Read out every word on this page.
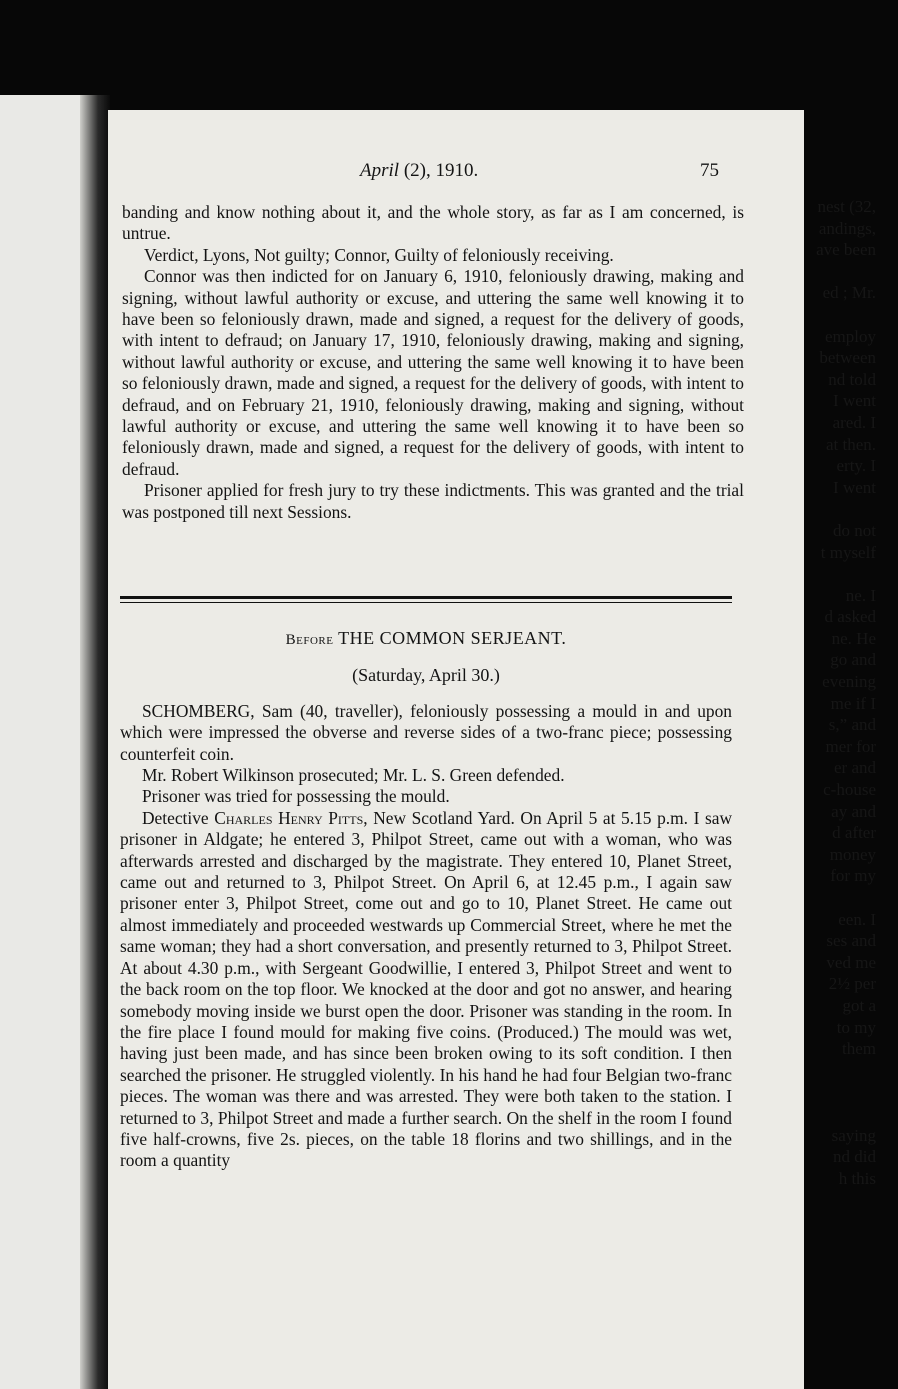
nest (32,
andings,
ave been

ed ; Mr.

employ
between
nd told
I went
ared. I
at then.
erty. I
I went

do not
t myself

ne. I
d asked
ne. He
go and
evening
me if I
s,” and
mer for
er and
c-house
ay and
d after
money
for my

een. I
ses and
ved me
2½ per
got a
to my
them

saying
nd did
h this
April (2), 1910.	75

banding and know nothing about it, and the whole story, as far as I am concerned, is untrue.

Verdict, Lyons, Not guilty; Connor, Guilty of feloniously receiving.

Connor was then indicted for on January 6, 1910, feloniously drawing, making and signing, without lawful authority or excuse, and uttering the same well knowing it to have been so feloniously drawn, made and signed, a request for the delivery of goods, with intent to defraud; on January 17, 1910, feloniously drawing, making and signing, without lawful authority or excuse, and uttering the same well knowing it to have been so feloniously drawn, made and signed, a request for the delivery of goods, with intent to defraud, and on February 21, 1910, feloniously drawing, making and signing, without lawful authority or excuse, and uttering the same well knowing it to have been so feloniously drawn, made and signed, a request for the delivery of goods, with intent to defraud.

Prisoner applied for fresh jury to try these indictments. This was granted and the trial was postponed till next Sessions.

Before THE COMMON SERJEANT.

(Saturday, April 30.)

SCHOMBERG, Sam (40, traveller), feloniously possessing a mould in and upon which were impressed the obverse and reverse sides of a two-franc piece; possessing counterfeit coin.

Mr. Robert Wilkinson prosecuted; Mr. L. S. Green defended.

Prisoner was tried for possessing the mould.

Detective Charles Henry Pitts, New Scotland Yard. On April 5 at 5.15 p.m. I saw prisoner in Aldgate; he entered 3, Philpot Street, came out with a woman, who was afterwards arrested and discharged by the magistrate. They entered 10, Planet Street, came out and returned to 3, Philpot Street. On April 6, at 12.45 p.m., I again saw prisoner enter 3, Philpot Street, come out and go to 10, Planet Street. He came out almost immediately and proceeded westwards up Commercial Street, where he met the same woman; they had a short conversation, and presently returned to 3, Philpot Street. At about 4.30 p.m., with Sergeant Goodwillie, I entered 3, Philpot Street and went to the back room on the top floor. We knocked at the door and got no answer, and hearing somebody moving inside we burst open the door. Prisoner was standing in the room. In the fire place I found mould for making five coins. (Produced.) The mould was wet, having just been made, and has since been broken owing to its soft condition. I then searched the prisoner. He struggled violently. In his hand he had four Belgian two-franc pieces. The woman was there and was arrested. They were both taken to the station. I returned to 3, Philpot Street and made a further search. On the shelf in the room I found five half-crowns, five 2s. pieces, on the table 18 florins and two shillings, and in the room a quantity
